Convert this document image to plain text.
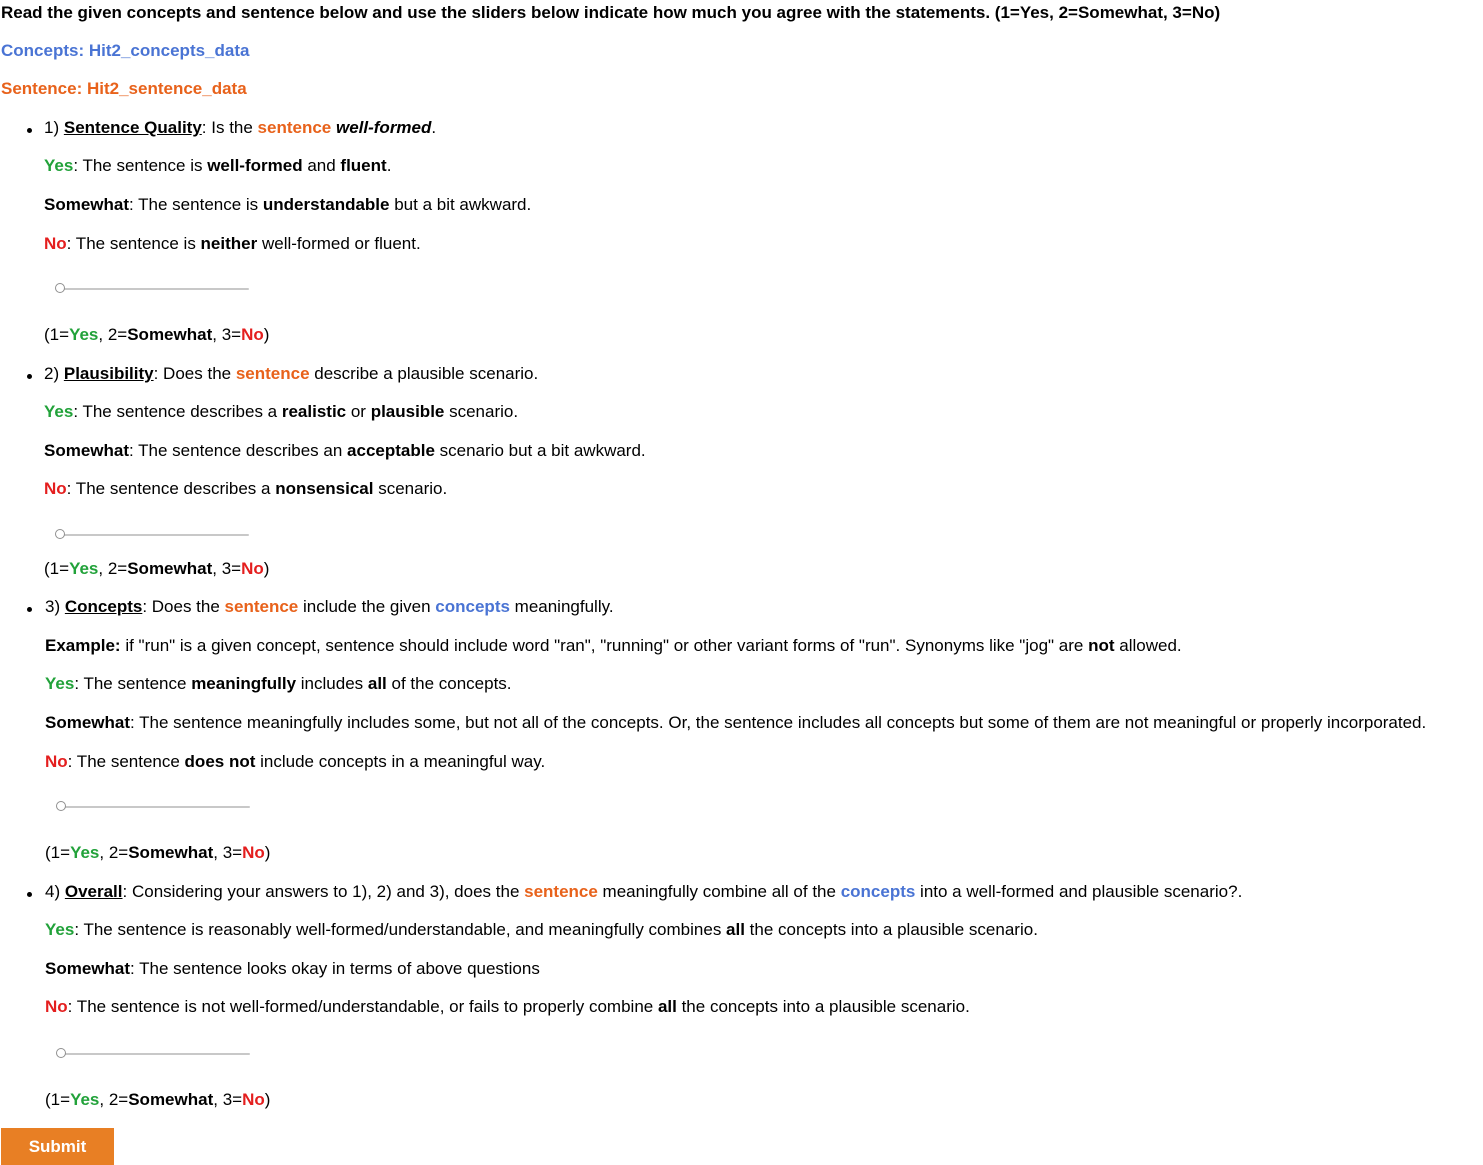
Read the given concepts and sentence below and use the sliders below indicate how much you agree with the statements. (1=Yes, 2=Somewhat, 3=No)
Concepts: Hit2_concepts_data
Sentence: Hit2_sentence_data
1) Sentence Quality: Is the sentence well-formed.
Yes: The sentence is well-formed and fluent.
Somewhat: The sentence is understandable but a bit awkward.
No: The sentence is neither well-formed or fluent.
(1=Yes, 2=Somewhat, 3=No)
2) Plausibility: Does the sentence describe a plausible scenario.
Yes: The sentence describes a realistic or plausible scenario.
Somewhat: The sentence describes an acceptable scenario but a bit awkward.
No: The sentence describes a nonsensical scenario.
(1=Yes, 2=Somewhat, 3=No)
3) Concepts: Does the sentence include the given concepts meaningfully.
Example: if "run" is a given concept, sentence should include word "ran", "running" or other variant forms of "run". Synonyms like "jog" are not allowed.
Yes: The sentence meaningfully includes all of the concepts.
Somewhat: The sentence meaningfully includes some, but not all of the concepts. Or, the sentence includes all concepts but some of them are not meaningful or properly incorporated.
No: The sentence does not include concepts in a meaningful way.
(1=Yes, 2=Somewhat, 3=No)
4) Overall: Considering your answers to 1), 2) and 3), does the sentence meaningfully combine all of the concepts into a well-formed and plausible scenario?.
Yes: The sentence is reasonably well-formed/understandable, and meaningfully combines all the concepts into a plausible scenario.
Somewhat: The sentence looks okay in terms of above questions
No: The sentence is not well-formed/understandable, or fails to properly combine all the concepts into a plausible scenario.
(1=Yes, 2=Somewhat, 3=No)
Submit
